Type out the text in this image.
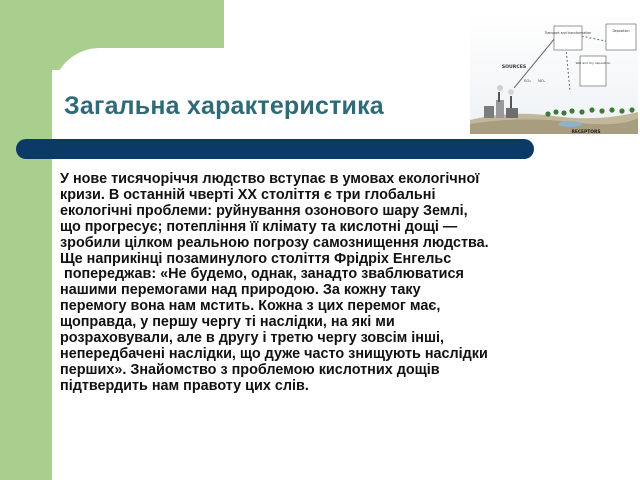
Загальна характеристика
У нове тисячоріччя людство вступає в умовах екологічної
кризи. В останній чверті ХХ століття є три глобальні
екологічні проблеми: руйнування озонового шару Землі,
що прогресує; потепління її клімату та кислотні дощі —
зробили цілком реальною погрозу самознищення людства.
Ще наприкінці позаминулого століття Фрідріх Енгельс
попереджав: «Не будемо, однак, занадто зваблюватися
нашими перемогами над природою. За кожну таку
перемогу вона нам мстить. Кожна з цих перемог має,
щоправда, у першу чергу ті наслідки, на які ми
розраховували, але в другу і третю чергу зовсім інші,
непередбачені наслідки, що дуже часто знищують наслідки
перших». Знайомство з проблемою кислотних дощів
підтвердить нам правоту цих слів.
Transport and transformation	Deposition
Wet and dry deposition
SOURCES
SO₂ NOₓ
RECEPTORS
